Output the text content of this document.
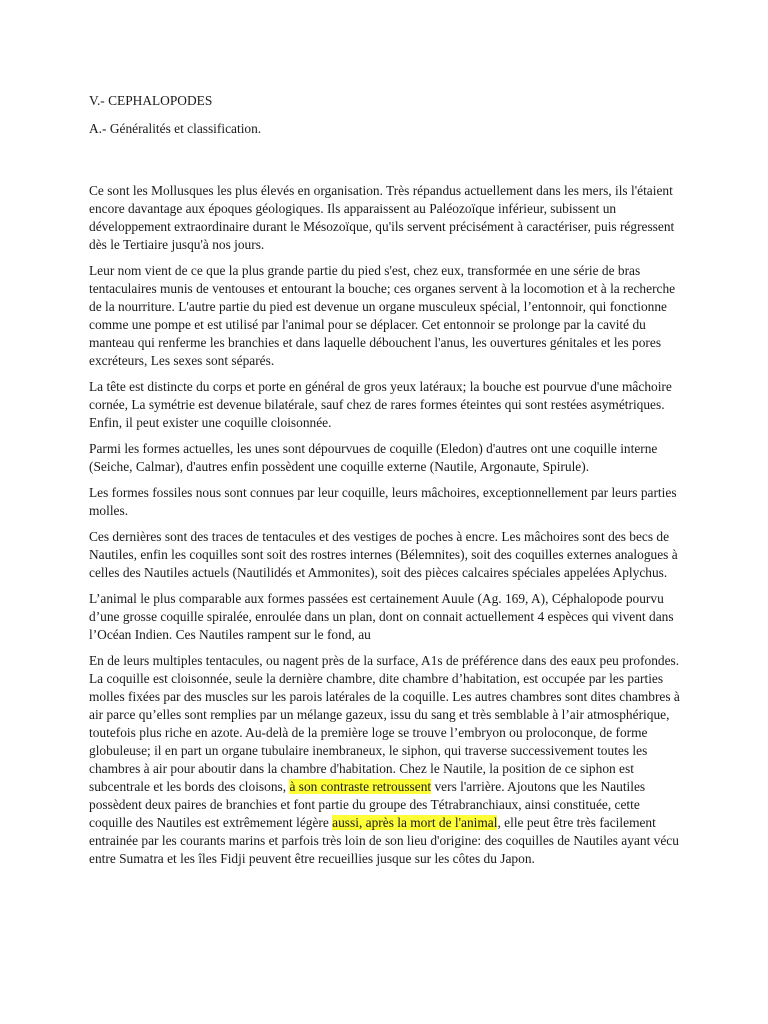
V.- CEPHALOPODES
A.- Généralités et classification.

Ce sont les Mollusques les plus élevés en organisation. Très répandus actuellement dans les mers, ils l'étaient encore davantage aux époques géologiques. Ils apparaissent au Paléozoïque inférieur, subissent un développement extraordinaire durant le Mésozoïque, qu'ils servent précisément à caractériser, puis régressent dès le Tertiaire jusqu'à nos jours.

Leur nom vient de ce que la plus grande partie du pied s'est, chez eux, transformée en une série de bras tentaculaires munis de ventouses et entourant la bouche; ces organes servent à la locomotion et à la recherche de la nourriture. L'autre partie du pied est devenue un organe musculeux spécial, l’entonnoir, qui fonctionne comme une pompe et est utilisé par l'animal pour se déplacer. Cet entonnoir se prolonge par la cavité du manteau qui renferme les branchies et dans laquelle débouchent l'anus, les ouvertures génitales et les pores excréteurs, Les sexes sont séparés.

La tête est distincte du corps et porte en général de gros yeux latéraux; la bouche est pourvue d'une mâchoire cornée, La symétrie est devenue bilatérale, sauf chez de rares formes éteintes qui sont restées asymétriques. Enfin, il peut exister une coquille cloisonnée.

Parmi les formes actuelles, les unes sont dépourvues de coquille (Eledon) d'autres ont une coquille interne (Seiche, Calmar), d'autres enfin possèdent une coquille externe (Nautile, Argonaute, Spirule).

Les formes fossiles nous sont connues par leur coquille, leurs mâchoires, exceptionnellement par leurs parties molles.

Ces dernières sont des traces de tentacules et des vestiges de poches à encre. Les mâchoires sont des becs de Nautiles, enfin les coquilles sont soit des rostres internes (Bélemnites), soit des coquilles externes analogues à celles des Nautiles actuels (Nautilidés et Ammonites), soit des pièces calcaires spéciales appelées Aplychus.

L’animal le plus comparable aux formes passées est certainement Auule (Ag. 169, A), Céphalopode pourvu d’une grosse coquille spiralée, enroulée dans un plan, dont on connait actuellement 4 espèces qui vivent dans l’Océan Indien. Ces Nautiles rampent sur le fond, au

En de leurs multiples tentacules, ou nagent près de la surface, A1s de préférence dans des eaux peu profondes. La coquille est cloisonnée, seule la dernière chambre, dite chambre d’habitation, est occupée par les parties molles fixées par des muscles sur les parois latérales de la coquille. Les autres chambres sont dites chambres à air parce qu’elles sont remplies par un mélange gazeux, issu du sang et très semblable à l’air atmosphérique, toutefois plus riche en azote. Au-delà de la première loge se trouve l’embryon ou proloconque, de forme globuleuse; il en part un organe tubulaire inembraneux, le siphon, qui traverse successivement toutes les chambres à air pour aboutir dans la chambre d'habitation. Chez le Nautile, la position de ce siphon est subcentrale et les bords des cloisons, à son contraste retroussent vers l'arrière. Ajoutons que les Nautiles possèdent deux paires de branchies et font partie du groupe des Tétrabranchiaux, ainsi constituée, cette coquille des Nautiles est extrêmement légère aussi, après la mort de l'animal, elle peut être très facilement entrainée par les courants marins et parfois très loin de son lieu d'origine: des coquilles de Nautiles ayant vécu entre Sumatra et les îles Fidji peuvent être recueillies jusque sur les côtes du Japon.
